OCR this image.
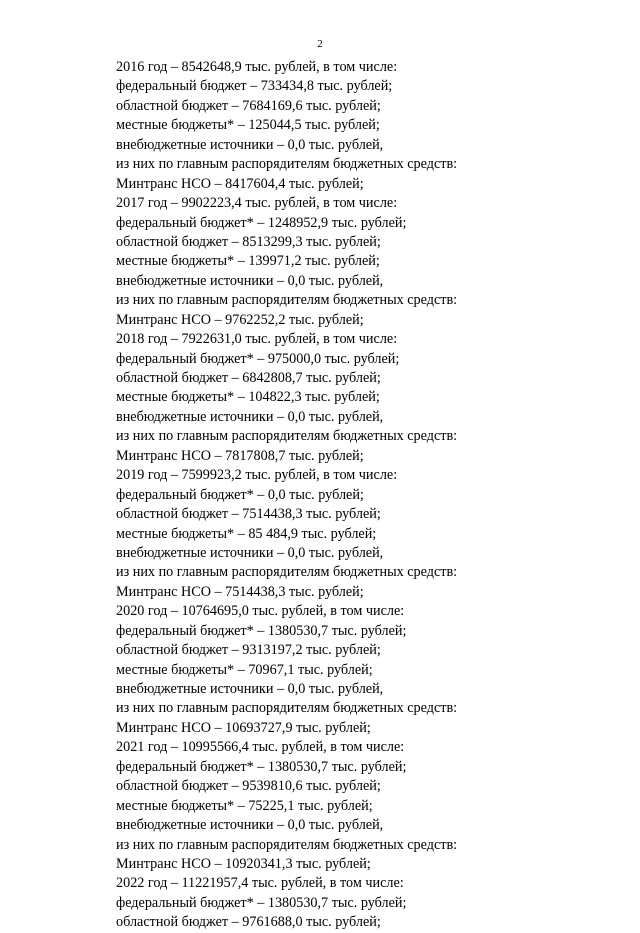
2
2016 год – 8542648,9 тыс. рублей, в том числе:
федеральный бюджет – 733434,8 тыс. рублей;
областной бюджет – 7684169,6 тыс. рублей;
местные бюджеты* – 125044,5 тыс. рублей;
внебюджетные источники – 0,0 тыс. рублей,
из них по главным распорядителям бюджетных средств:
Минтранс НСО – 8417604,4 тыс. рублей;
2017 год – 9902223,4 тыс. рублей, в том числе:
федеральный бюджет* – 1248952,9 тыс. рублей;
областной бюджет – 8513299,3 тыс. рублей;
местные бюджеты* – 139971,2 тыс. рублей;
внебюджетные источники – 0,0 тыс. рублей,
из них по главным распорядителям бюджетных средств:
Минтранс НСО – 9762252,2 тыс. рублей;
2018 год – 7922631,0 тыс. рублей, в том числе:
федеральный бюджет* – 975000,0 тыс. рублей;
областной бюджет – 6842808,7 тыс. рублей;
местные бюджеты* – 104822,3 тыс. рублей;
внебюджетные источники – 0,0 тыс. рублей,
из них по главным распорядителям бюджетных средств:
Минтранс НСО – 7817808,7 тыс. рублей;
2019 год – 7599923,2 тыс. рублей, в том числе:
федеральный бюджет* – 0,0 тыс. рублей;
областной бюджет – 7514438,3 тыс. рублей;
местные бюджеты* – 85 484,9 тыс. рублей;
внебюджетные источники – 0,0 тыс. рублей,
из них по главным распорядителям бюджетных средств:
Минтранс НСО – 7514438,3 тыс. рублей;
2020 год – 10764695,0 тыс. рублей, в том числе:
федеральный бюджет* – 1380530,7 тыс. рублей;
областной бюджет – 9313197,2 тыс. рублей;
местные бюджеты* – 70967,1 тыс. рублей;
внебюджетные источники – 0,0 тыс. рублей,
из них по главным распорядителям бюджетных средств:
Минтранс НСО – 10693727,9 тыс. рублей;
2021 год – 10995566,4 тыс. рублей, в том числе:
федеральный бюджет* – 1380530,7 тыс. рублей;
областной бюджет – 9539810,6 тыс. рублей;
местные бюджеты* – 75225,1 тыс. рублей;
внебюджетные источники – 0,0 тыс. рублей,
из них по главным распорядителям бюджетных средств:
Минтранс НСО – 10920341,3 тыс. рублей;
2022 год – 11221957,4 тыс. рублей, в том числе:
федеральный бюджет* – 1380530,7 тыс. рублей;
областной бюджет – 9761688,0 тыс. рублей;
